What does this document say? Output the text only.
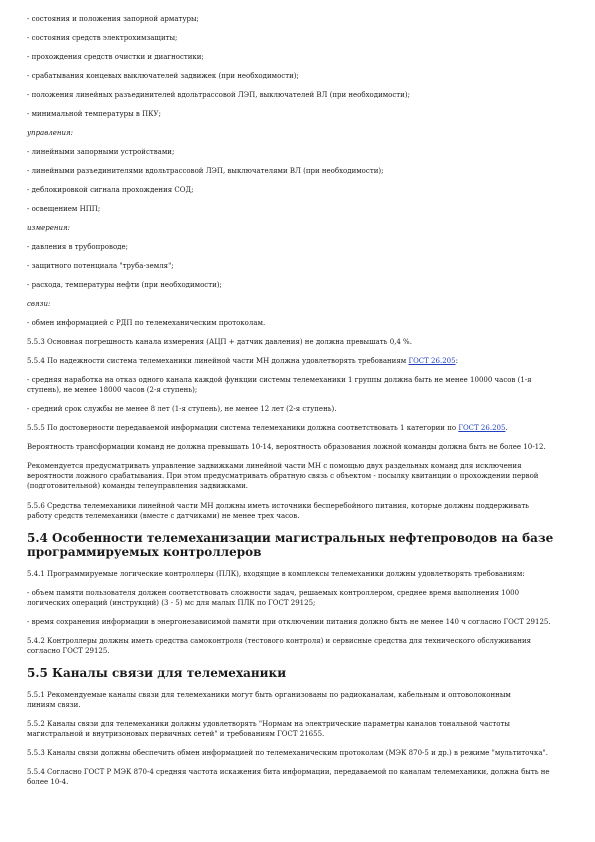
- состояния и положения запорной арматуры;

- состояния средств электрохимзащиты;

- прохождения средств очистки и диагностики;

- срабатывания концевых выключателей задвижек (при необходимости);

- положения линейных разъединителей вдольтрассовой ЛЭП, выключателей ВЛ (при необходимости);

- минимальной температуры в ПКУ;

управления:

- линейными запорными устройствами;

- линейными разъединителями вдольтрассовой ЛЭП, выключателями ВЛ (при необходимости);

- деблокировкой сигнала прохождения СОД;

- освещением НПП;

измерения:

- давления в трубопроводе;

- защитного потенциала "труба-земля";

- расхода, температуры нефти (при необходимости);

связи:

- обмен информацией с РДП по телемеханическим протоколам.

5.5.3 Основная погрешность канала измерения (АЦП + датчик давления) не должна превышать 0,4 %.

5.5.4 По надежности система телемеханики линейной части МН должна удовлетворять требованиям ГОСТ 26.205:

- средняя наработка на отказ одного канала каждой функции системы телемеханики 1 группы должна быть не менее 10000 часов (1-я

ступень), не менее 18000 часов (2-я ступень);

- средний срок службы не менее 8 лет (1-я ступень), не менее 12 лет (2-я ступень).

5.5.5 По достоверности передаваемой информации система телемеханики должна соответствовать 1 категории по ГОСТ 26.205.

Вероятность трансформации команд не должна превышать 10-14, вероятность образования ложной команды должна быть не более 10-12.

Рекомендуется предусматривать управление задвижками линейной части МН с помощью двух раздельных команд для исключения

вероятности ложного срабатывания. При этом предусматривать обратную связь с объектом - посылку квитанции о прохождении первой

(подготовительной) команды телеуправления задвижками.

5.5.6 Средства телемеханики линейной части МН должны иметь источники бесперебойного питания, которые должны поддерживать

работу средств телемеханики (вместе с датчиками) не менее трех часов.

5.4 Особенности телемеханизации магистральных нефтепроводов на базе
программируемых контроллеров

5.4.1 Программируемые логические контроллеры (ПЛК), входящие в комплексы телемеханики должны удовлетворять требованиям:

- объем памяти пользователя должен соответствовать сложности задач, решаемых контроллером, среднее время выполнения 1000

логических операций (инструкций) (3 - 5) мс для малых ПЛК по ГОСТ 29125;

- время сохранения информации в энергонезависимой памяти при отключении питания должно быть не менее 140 ч согласно ГОСТ 29125.

5.4.2 Контроллеры должны иметь средства самоконтроля (тестового контроля) и сервисные средства для технического обслуживания

согласно ГОСТ 29125.

5.5 Каналы связи для телемеханики

5.5.1 Рекомендуемые каналы связи для телемеханики могут быть организованы по радиоканалам, кабельным и оптоволоконным

линиям связи.

5.5.2 Каналы связи для телемеханики должны удовлетворять "Нормам на электрические параметры каналов тональной частоты

магистральной и внутризоновых первичных сетей" и требованиям ГОСТ 21655.

5.5.3 Каналы связи должны обеспечить обмен информацией по телемеханическим протоколам (МЭК 870-5 и др.) в режиме "мультиточка".

5.5.4 Согласно ГОСТ Р МЭК 870-4 средняя частота искажения бита информации, передаваемой по каналам телемеханики, должна быть не

более 10-4.
